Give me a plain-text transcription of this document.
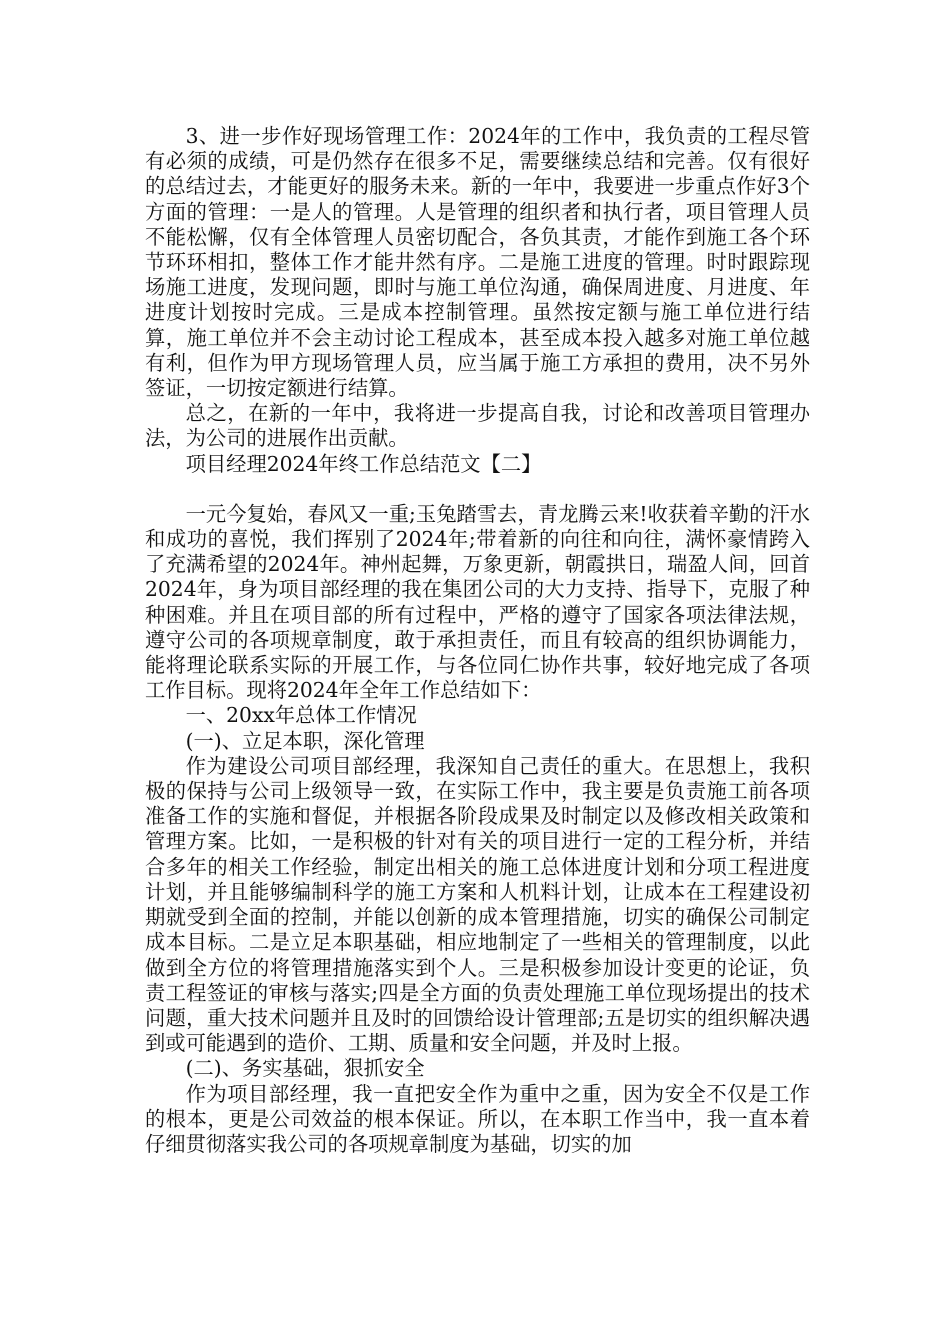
3、进一步作好现场管理工作：2024年的工作中，我负责的工程尽管有必须的成绩，可是仍然存在很多不足，需要继续总结和完善。仅有很好的总结过去，才能更好的服务未来。新的一年中，我要进一步重点作好3个方面的管理：一是人的管理。人是管理的组织者和执行者，项目管理人员不能松懈，仅有全体管理人员密切配合，各负其责，才能作到施工各个环节环环相扣，整体工作才能井然有序。二是施工进度的管理。时时跟踪现场施工进度，发现问题，即时与施工单位沟通，确保周进度、月进度、年进度计划按时完成。三是成本控制管理。虽然按定额与施工单位进行结算，施工单位并不会主动讨论工程成本，甚至成本投入越多对施工单位越有利，但作为甲方现场管理人员，应当属于施工方承担的费用，决不另外签证，一切按定额进行结算。

总之，在新的一年中，我将进一步提高自我，讨论和改善项目管理办法，为公司的进展作出贡献。

项目经理2024年终工作总结范文【二】

一元今复始，春风又一重;玉兔踏雪去，青龙腾云来!收获着辛勤的汗水和成功的喜悦，我们挥别了2024年;带着新的向往和向往，满怀豪情跨入了充满希望的2024年。神州起舞，万象更新，朝霞拱日，瑞盈人间，回首2024年，身为项目部经理的我在集团公司的大力支持、指导下，克服了种种困难。并且在项目部的所有过程中，严格的遵守了国家各项法律法规，遵守公司的各项规章制度，敢于承担责任，而且有较高的组织协调能力，能将理论联系实际的开展工作，与各位同仁协作共事，较好地完成了各项工作目标。现将2024年全年工作总结如下：

一、20xx年总体工作情况

(一)、立足本职，深化管理

作为建设公司项目部经理，我深知自己责任的重大。在思想上，我积极的保持与公司上级领导一致，在实际工作中，我主要是负责施工前各项准备工作的实施和督促，并根据各阶段成果及时制定以及修改相关政策和管理方案。比如，一是积极的针对有关的项目进行一定的工程分析，并结合多年的相关工作经验，制定出相关的施工总体进度计划和分项工程进度计划，并且能够编制科学的施工方案和人机料计划，让成本在工程建设初期就受到全面的控制，并能以创新的成本管理措施，切实的确保公司制定成本目标。二是立足本职基础，相应地制定了一些相关的管理制度，以此做到全方位的将管理措施落实到个人。三是积极参加设计变更的论证，负责工程签证的审核与落实;四是全方面的负责处理施工单位现场提出的技术问题，重大技术问题并且及时的回馈给设计管理部;五是切实的组织解决遇到或可能遇到的造价、工期、质量和安全问题，并及时上报。

(二)、务实基础，狠抓安全

作为项目部经理，我一直把安全作为重中之重，因为安全不仅是工作的根本，更是公司效益的根本保证。所以，在本职工作当中，我一直本着仔细贯彻落实我公司的各项规章制度为基础，切实的加
